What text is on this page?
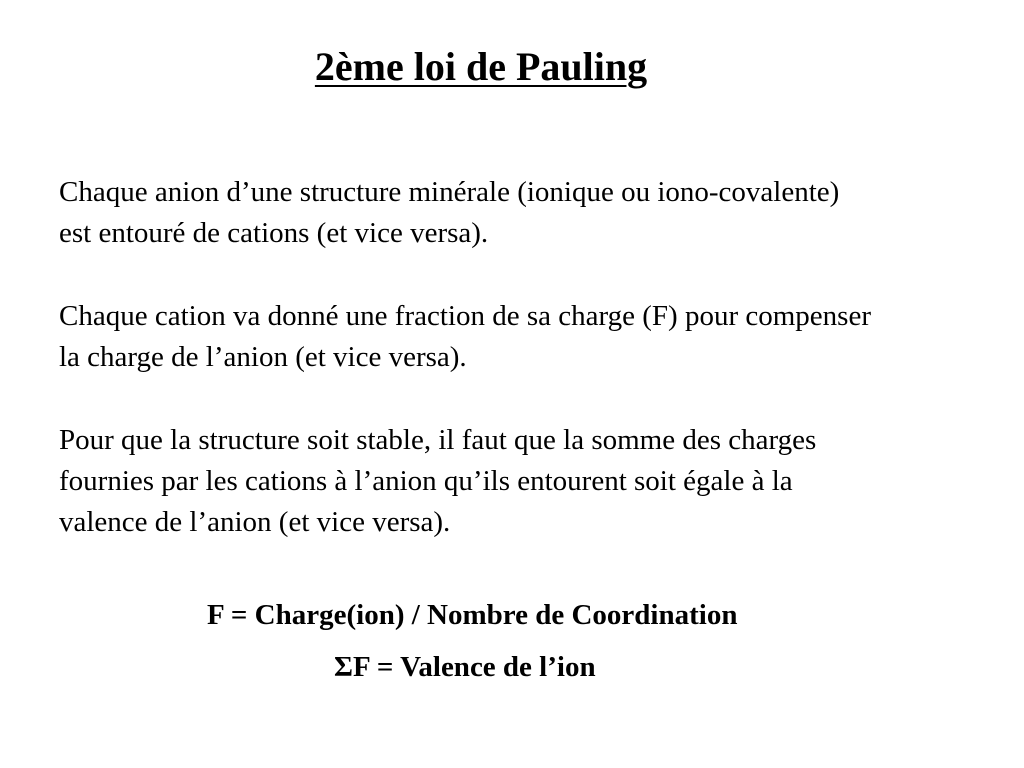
2ème loi de Pauling

Chaque anion d’une structure minérale (ionique ou iono-covalente)
est entouré de cations (et vice versa).

Chaque cation va donné une fraction de sa charge (F) pour compenser
la charge de l’anion (et vice versa).

Pour que la structure soit stable, il faut que la somme des charges
fournies par les cations à l’anion qu’ils entourent soit égale à la
valence de l’anion (et vice versa).

F = Charge(ion) / Nombre de Coordination
ΣF = Valence de l’ion
